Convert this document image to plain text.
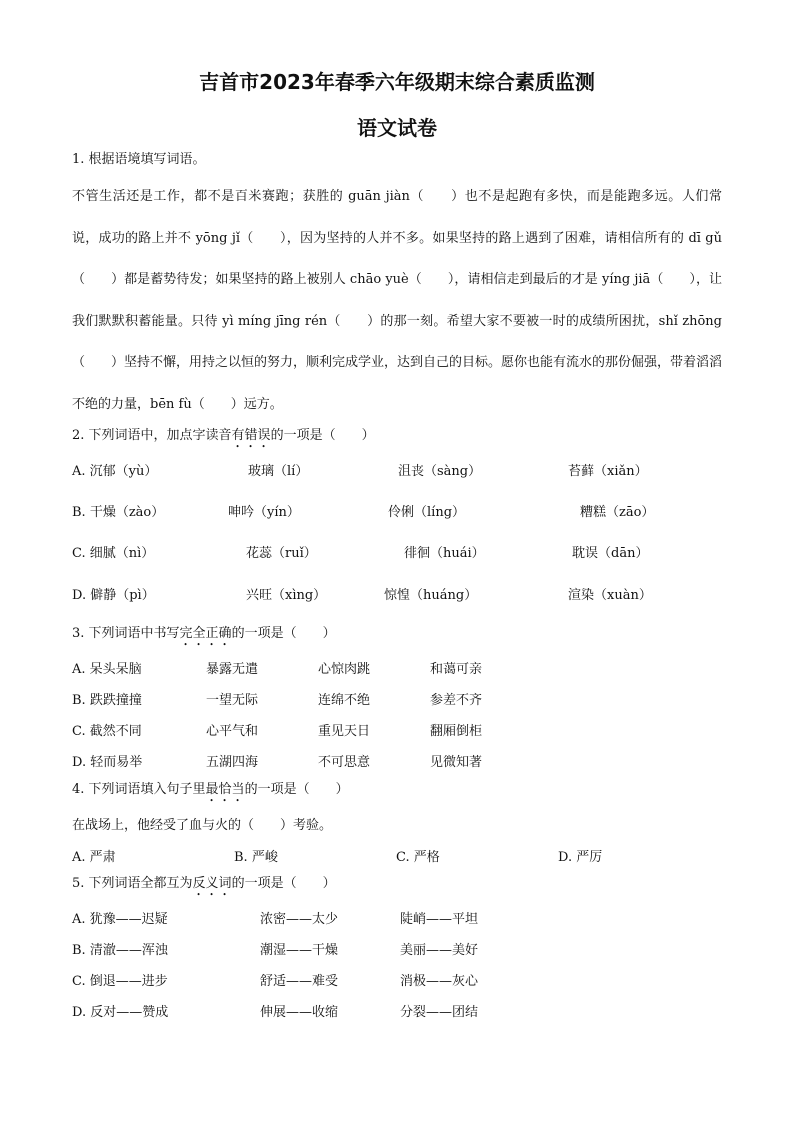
吉首市2023年春季六年级期末综合素质监测
语文试卷
1. 根据语境填写词语。
不管生活还是工作，都不是百米赛跑；获胜的 guān jiàn（　　）也不是起跑有多快，而是能跑多远。人们常说，成功的路上并不 yōng jǐ（　　），因为坚持的人并不多。如果坚持的路上遇到了困难，请相信所有的 dī gǔ（　　）都是蓄势待发；如果坚持的路上被别人 chāo yuè（　　），请相信走到最后的才是 yíng jiā（　　），让我们默默积蓄能量。只待 yì míng jīng rén（　　）的那一刻。希望大家不要被一时的成绩所困扰，shǐ zhōng（　　）坚持不懈，用持之以恒的努力，顺利完成学业，达到自己的目标。愿你也能有流水的那份倔强，带着滔滔不绝的力量，bēn fù（　　）远方。
2. 下列词语中，加点字读音有错误的一项是（　　）
A. 沉郁（yù）	玻璃（lí）	沮丧（sàng）	苔藓（xiǎn）
B. 干燥（zào）	呻吟（yín）	伶俐（líng）	糟糕（zāo）
C. 细腻（nì）	花蕊（ruǐ）	徘徊（huái）	耽误（dān）
D. 僻静（pì）	兴旺（xìng）	惊惶（huáng）	渲染（xuàn）
3. 下列词语中书写完全正确的一项是（　　）
A. 呆头呆脑	暴露无遣	心惊肉跳	和蔼可亲
B. 跌跌撞撞	一望无际	连绵不绝	参差不齐
C. 截然不同	心平气和	重见天日	翻厢倒柜
D. 轻而易举	五湖四海	不可思意	见微知著
4. 下列词语填入句子里最恰当的一项是（　　）
在战场上，他经受了血与火的（　　）考验。
A. 严肃	B. 严峻	C. 严格	D. 严厉
5. 下列词语全都互为反义词的一项是（　　）
A. 犹豫——迟疑	浓密——太少	陡峭——平坦
B. 清澈——浑浊	潮湿——干燥	美丽——美好
C. 倒退——进步	舒适——难受	消极——灰心
D. 反对——赞成	伸展——收缩	分裂——团结
